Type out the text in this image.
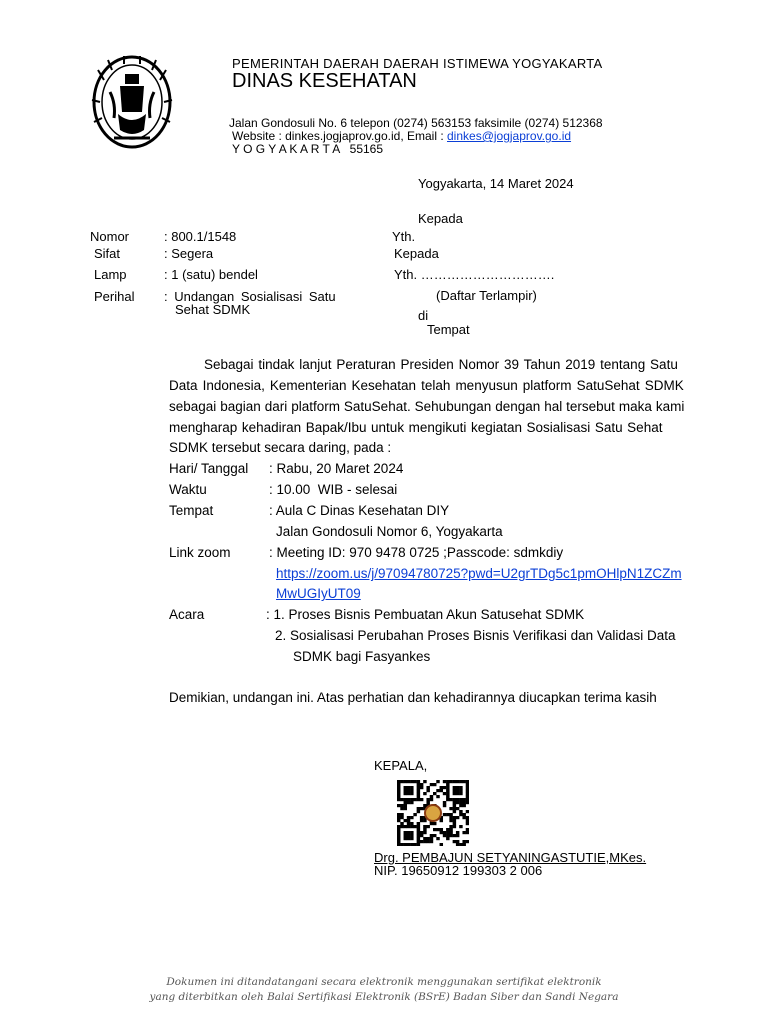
PEMERINTAH DAERAH DAERAH ISTIMEWA YOGYAKARTA
DINAS KESEHATAN
Jalan Gondosuli No. 6 telepon (0274) 563153 faksimile (0274) 512368
Website : dinkes.jogjaprov.go.id, Email : dinkes@jogjaprov.go.id
Y O G Y A K A R T A   55165
Yogyakarta, 14 Maret 2024
Nomor	: 800.1/1548
Sifat	: Segera
Lamp	: 1 (satu) bendel
Perihal : Undangan Sosialisasi Satu
Sehat SDMK
Kepada
Yth.
Kepada
Yth. ………………………….
(Daftar Terlampir)
di
Tempat
Sebagai tindak lanjut Peraturan Presiden Nomor 39 Tahun 2019 tentang Satu
Data Indonesia, Kementerian Kesehatan telah menyusun platform SatuSehat SDMK
sebagai bagian dari platform SatuSehat. Sehubungan dengan hal tersebut maka kami
mengharap kehadiran Bapak/Ibu untuk mengikuti kegiatan Sosialisasi Satu Sehat
SDMK tersebut secara daring, pada :
Hari/ Tanggal : Rabu, 20 Maret 2024
Waktu	: 10.00  WIB - selesai
Tempat	: Aula C Dinas Kesehatan DIY
Jalan Gondosuli Nomor 6, Yogyakarta
Link zoom	: Meeting ID: 970 9478 0725 ;Passcode: sdmkdiy
https://zoom.us/j/97094780725?pwd=U2grTDg5c1pmOHlpN1ZCZm
MwUGIyUT09
Acara	: 1. Proses Bisnis Pembuatan Akun Satusehat SDMK
2. Sosialisasi Perubahan Proses Bisnis Verifikasi dan Validasi Data
SDMK bagi Fasyankes
Demikian, undangan ini. Atas perhatian dan kehadirannya diucapkan terima kasih
KEPALA,
Drg. PEMBAJUN SETYANINGASTUTIE,MKes.
NIP. 19650912 199303 2 006
Dokumen ini ditandatangani secara elektronik menggunakan sertifikat elektronik
yang diterbitkan oleh Balai Sertifikasi Elektronik (BSrE) Badan Siber dan Sandi Negara
